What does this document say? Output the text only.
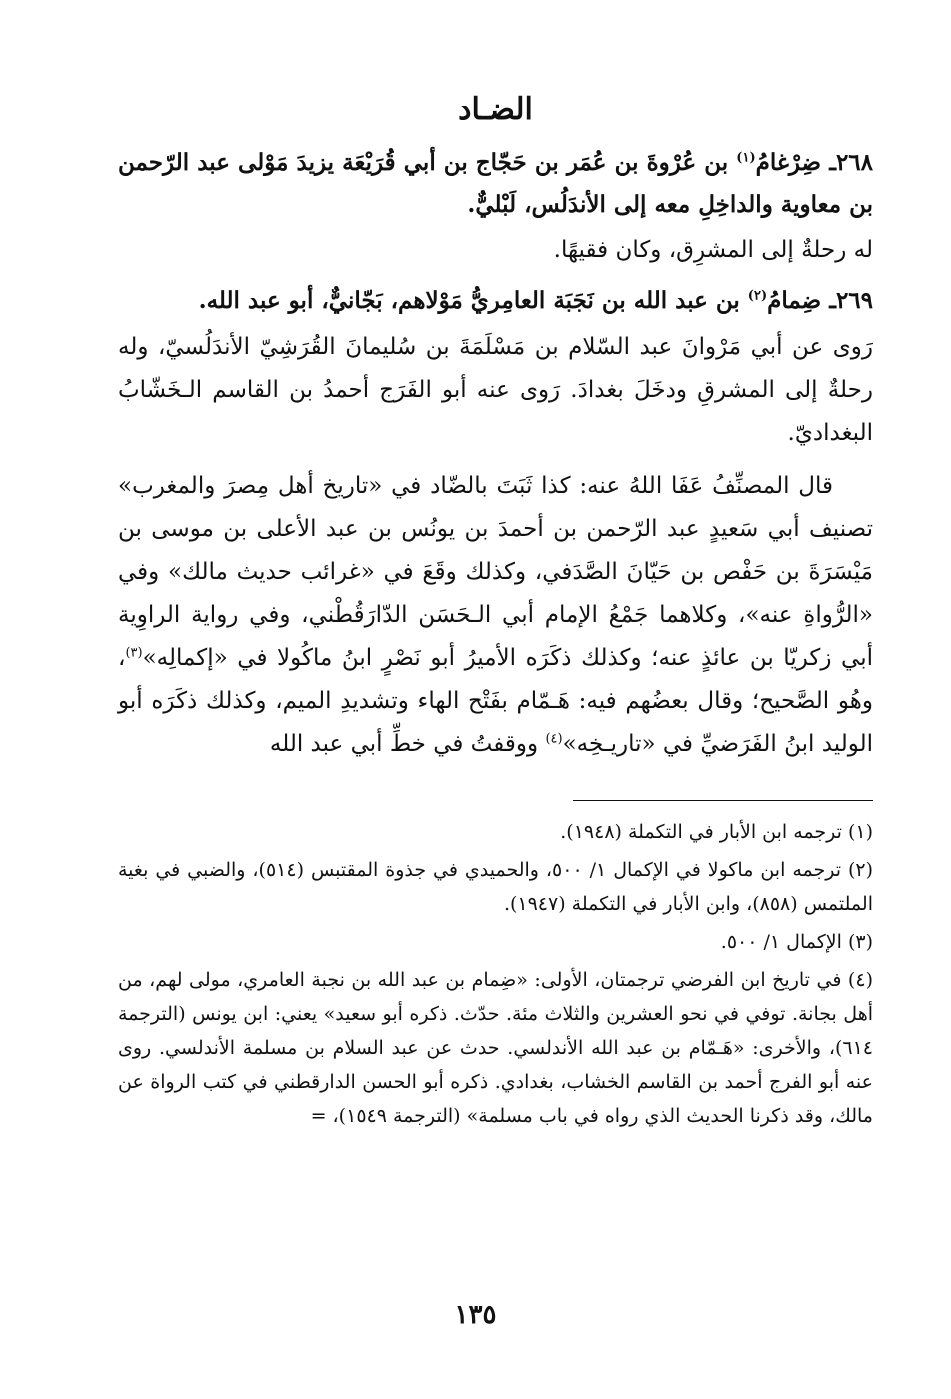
الضـاد

٢٦٨ـ ضِرْغامُ$^{(١)}$ بن عُرْوةَ بن عُمَر بن حَجّاج بن أبي قُرَيْعَة يزيدَ مَوْلى عبد الرّحمن بن معاوية والداخِلِ معه إلى الأندَلُس، لَبْليٌّ.

له رحلةٌ إلى المشرِق، وكان فقيهًا.

٢٦٩ـ ضِمامُ$^{(٢)}$ بن عبد الله بن نَجَبَة العامِريُّ مَوْلاهم، بَجّانيٌّ، أبو عبد الله.

رَوى عن أبي مَرْوانَ عبد السّلام بن مَسْلَمَةَ بن سُليمانَ القُرَشِيّ الأندَلُسيّ، وله رحلةٌ إلى المشرقِ ودخَلَ بغدادَ. رَوى عنه أبو الفَرَج أحمدُ بن القاسم الـخَشّابُ البغداديّ.

قال المصنِّفُ عَفَا اللهُ عنه: كذا ثَبَتَ بالضّاد في «تاريخ أهل مِصرَ والمغرب» تصنيف أبي سَعيدٍ عبد الرّحمن بن أحمدَ بن يونُس بن عبد الأعلى بن موسى بن مَيْسَرَةَ بن حَفْص بن حَيّانَ الصَّدَفي، وكذلك وقَعَ في «غرائب حديث مالك» وفي «الرُّواةِ عنه»، وكلاهما جَمْعُ الإمام أبي الـحَسَن الدّارَقُطْني، وفي رواية الراوِية أبي زكريّا بن عائذٍ عنه؛ وكذلك ذكَرَه الأميرُ أبو نَصْرٍ ابنُ ماكُولا في «إكمالِه»$^{(٣)}$، وهُو الصَّحيح؛ وقال بعضُهم فيه: هَـمّام بفَتْح الهاء وتشديدِ الميم، وكذلك ذكَرَه أبو الوليد ابنُ الفَرَضيِّ في «تاريـخِه»$^{(٤)}$ ووقفتُ في خطِّ أبي عبد الله

(١) ترجمه ابن الأبار في التكملة (١٩٤٨).

(٢) ترجمه ابن ماكولا في الإكمال ١/ ٥٠٠، والحميدي في جذوة المقتبس (٥١٤)، والضبي في بغية الملتمس (٨٥٨)، وابن الأبار في التكملة (١٩٤٧).

(٣) الإكمال ١/ ٥٠٠.

(٤) في تاريخ ابن الفرضي ترجمتان، الأولى: «ضِمام بن عبد الله بن نجبة العامري، مولى لهم، من أهل بجانة. توفي في نحو العشرين والثلاث مئة. حدّث. ذكره أبو سعيد» يعني: ابن يونس (الترجمة ٦١٤)، والأخرى: «هَـمّام بن عبد الله الأندلسي. حدث عن عبد السلام بن مسلمة الأندلسي. روى عنه أبو الفرج أحمد بن القاسم الخشاب، بغدادي. ذكره أبو الحسن الدارقطني في كتب الرواة عن مالك، وقد ذكرنا الحديث الذي رواه في باب مسلمة» (الترجمة ١٥٤٩)، =

١٣٥
